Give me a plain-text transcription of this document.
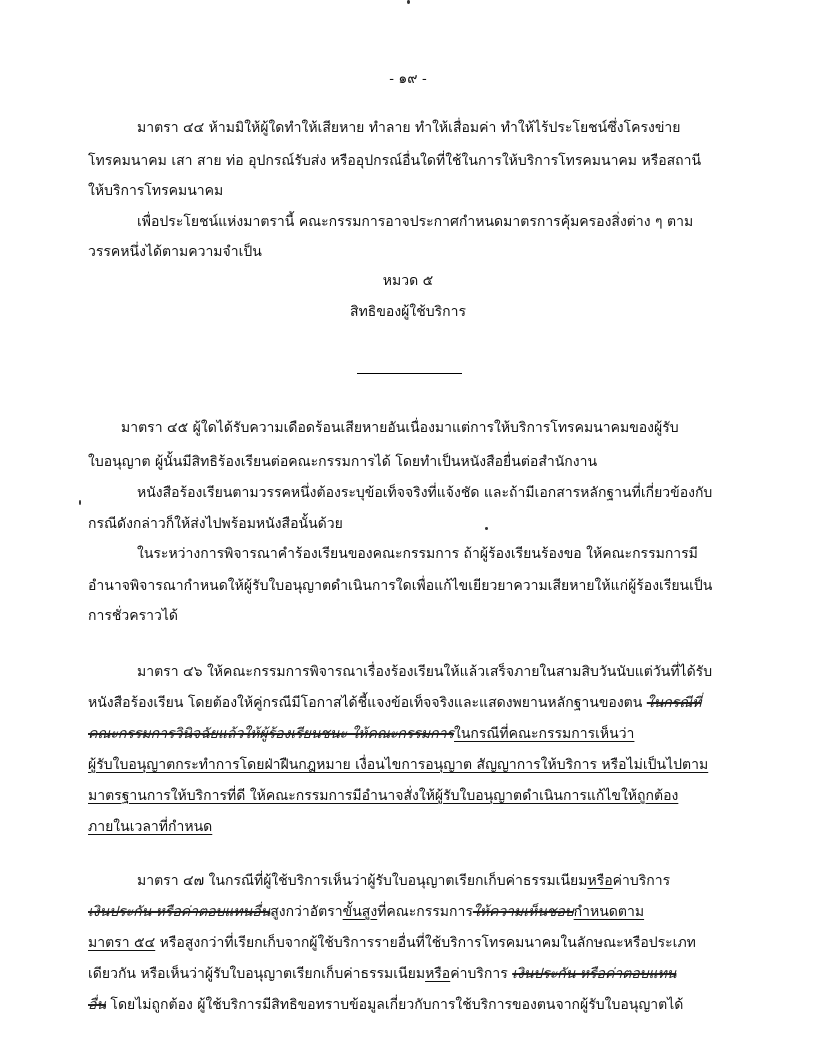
- ๑๙ -
มาตรา ๔๔ ห้ามมิให้ผู้ใดทำให้เสียหาย ทำลาย ทำให้เสื่อมค่า ทำให้ไร้ประโยชน์ซึ่งโครงข่าย
โทรคมนาคม เสา สาย ท่อ อุปกรณ์รับส่ง หรืออุปกรณ์อื่นใดที่ใช้ในการให้บริการโทรคมนาคม หรือสถานี
ให้บริการโทรคมนาคม
เพื่อประโยชน์แห่งมาตรานี้ คณะกรรมการอาจประกาศกำหนดมาตรการคุ้มครองสิ่งต่าง ๆ ตาม
วรรคหนึ่งได้ตามความจำเป็น
หมวด ๕
สิทธิของผู้ใช้บริการ
มาตรา ๔๕ ผู้ใดได้รับความเดือดร้อนเสียหายอันเนื่องมาแต่การให้บริการโทรคมนาคมของผู้รับ
ใบอนุญาต ผู้นั้นมีสิทธิร้องเรียนต่อคณะกรรมการได้ โดยทำเป็นหนังสือยื่นต่อสำนักงาน
หนังสือร้องเรียนตามวรรคหนึ่งต้องระบุข้อเท็จจริงที่แจ้งชัด และถ้ามีเอกสารหลักฐานที่เกี่ยวข้องกับ
กรณีดังกล่าวก็ให้ส่งไปพร้อมหนังสือนั้นด้วย
ในระหว่างการพิจารณาคำร้องเรียนของคณะกรรมการ ถ้าผู้ร้องเรียนร้องขอ ให้คณะกรรมการมี
อำนาจพิจารณากำหนดให้ผู้รับใบอนุญาตดำเนินการใดเพื่อแก้ไขเยียวยาความเสียหายให้แก่ผู้ร้องเรียนเป็น
การชั่วคราวได้
มาตรา ๔๖ ให้คณะกรรมการพิจารณาเรื่องร้องเรียนให้แล้วเสร็จภายในสามสิบวันนับแต่วันที่ได้รับ
หนังสือร้องเรียน โดยต้องให้คู่กรณีมีโอกาสได้ชี้แจงข้อเท็จจริงและแสดงพยานหลักฐานของตน ในกรณีที่
คณะกรรมการวินิจฉัยแล้วให้ผู้ร้องเรียนชนะ ให้คณะกรรมการในกรณีที่คณะกรรมการเห็นว่า
ผู้รับใบอนุญาตกระทำการโดยฝ่าฝืนกฎหมาย เงื่อนไขการอนุญาต สัญญาการให้บริการ หรือไม่เป็นไปตาม
มาตรฐานการให้บริการที่ดี ให้คณะกรรมการมีอำนาจสั่งให้ผู้รับใบอนุญาตดำเนินการแก้ไขให้ถูกต้อง
ภายในเวลาที่กำหนด
มาตรา ๔๗ ในกรณีที่ผู้ใช้บริการเห็นว่าผู้รับใบอนุญาตเรียกเก็บค่าธรรมเนียมหรือค่าบริการ
เงินประกัน หรือค่าตอบแทนอื่นสูงกว่าอัตราขั้นสูงที่คณะกรรมการให้ความเห็นชอบกำหนดตาม
มาตรา ๕๔ หรือสูงกว่าที่เรียกเก็บจากผู้ใช้บริการรายอื่นที่ใช้บริการโทรคมนาคมในลักษณะหรือประเภท
เดียวกัน หรือเห็นว่าผู้รับใบอนุญาตเรียกเก็บค่าธรรมเนียมหรือค่าบริการ เงินประกัน หรือค่าตอบแทน
อื่น โดยไม่ถูกต้อง ผู้ใช้บริการมีสิทธิขอทราบข้อมูลเกี่ยวกับการใช้บริการของตนจากผู้รับใบอนุญาตได้
